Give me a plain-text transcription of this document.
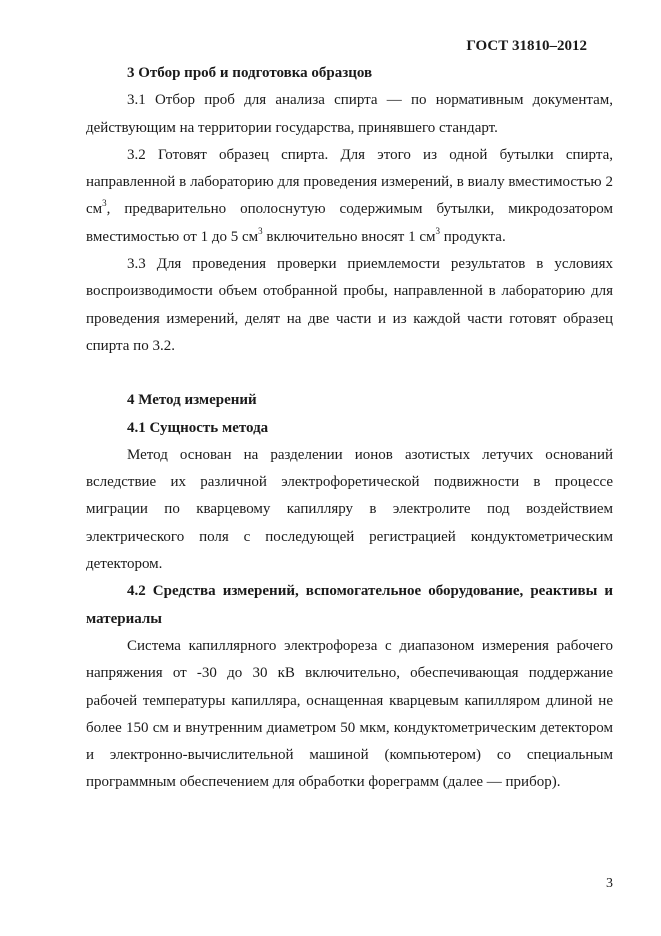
ГОСТ 31810–2012

3 Отбор проб и подготовка образцов

3.1 Отбор проб для анализа спирта — по нормативным документам, действующим на территории государства, принявшего стандарт.

3.2 Готовят образец спирта. Для этого из одной бутылки спирта, направленной в лабораторию для проведения измерений, в виалу вместимостью 2 $см^3$, предварительно ополоснутую содержимым бутылки, микродозатором вместимостью от 1 до 5 $см^3$ включительно вносят 1 $см^3$ продукта.

3.3 Для проведения проверки приемлемости результатов в условиях воспроизводимости объем отобранной пробы, направленной в лабораторию для проведения измерений, делят на две части и из каждой части готовят образец спирта по 3.2.

4 Метод измерений

4.1 Сущность метода

Метод основан на разделении ионов азотистых летучих оснований вследствие их различной электрофоретической подвижности в процессе миграции по кварцевому капилляру в электролите под воздействием электрического поля с последующей регистрацией кондуктометрическим детектором.

4.2 Средства измерений, вспомогательное оборудование, реактивы и материалы

Система капиллярного электрофореза с диапазоном измерения рабочего напряжения от -30 до 30 кВ включительно, обеспечивающая поддержание рабочей температуры капилляра, оснащенная кварцевым капилляром длиной не более 150 см и внутренним диаметром 50 мкм, кондуктометрическим детектором и электронно-вычислительной машиной (компьютером) со специальным программным обеспечением для обработки форeграмм (далее — прибор).

3
